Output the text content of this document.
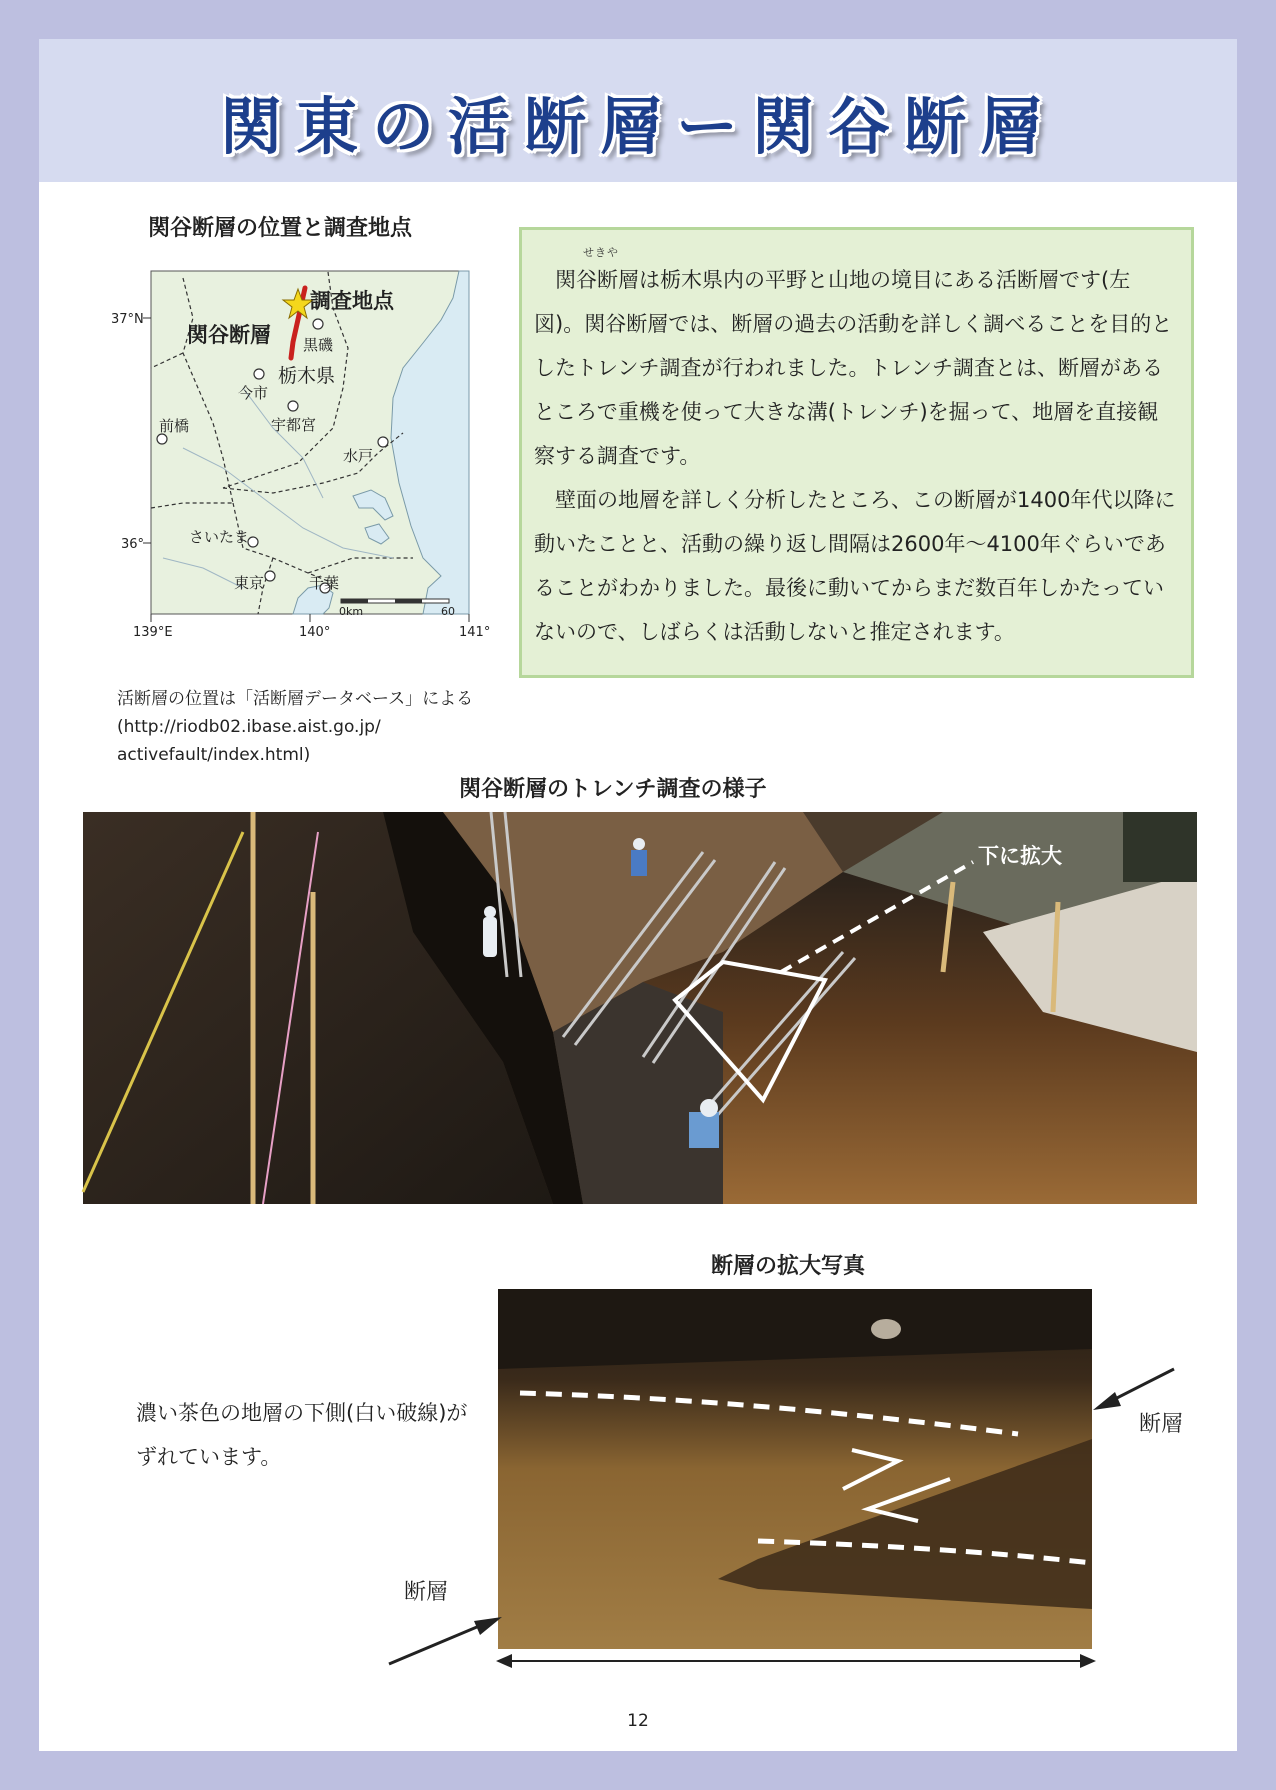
関東の活断層ー関谷断層
関谷断層の位置と調査地点
調査地点
関谷断層 黒磯
栃木県
今市
宇都宮
前橋
水戸
さいたま
東京	千葉
0km	60
37°N
36°
139°E	140°	141°
活断層の位置は「活断層データベース」による
(http://riodb02.ibase.aist.go.jp/
activefault/index.html)
せきや

関谷断層は栃木県内の平野と山地の境目にある活断層です(左図)。関谷断層では、断層の過去の活動を詳しく調べることを目的としたトレンチ調査が行われました。トレンチ調査とは、断層があるところで重機を使って大きな溝(トレンチ)を掘って、地層を直接観察する調査です。

壁面の地層を詳しく分析したところ、この断層が1400年代以降に動いたことと、活動の繰り返し間隔は2600年〜4100年ぐらいであることがわかりました。最後に動いてからまだ数百年しかたっていないので、しばらくは活動しないと推定されます。

関谷断層のトレンチ調査の様子
下に拡大
断層の拡大写真
濃い茶色の地層の下側(白い破線)がずれています。
断層
断層
12
